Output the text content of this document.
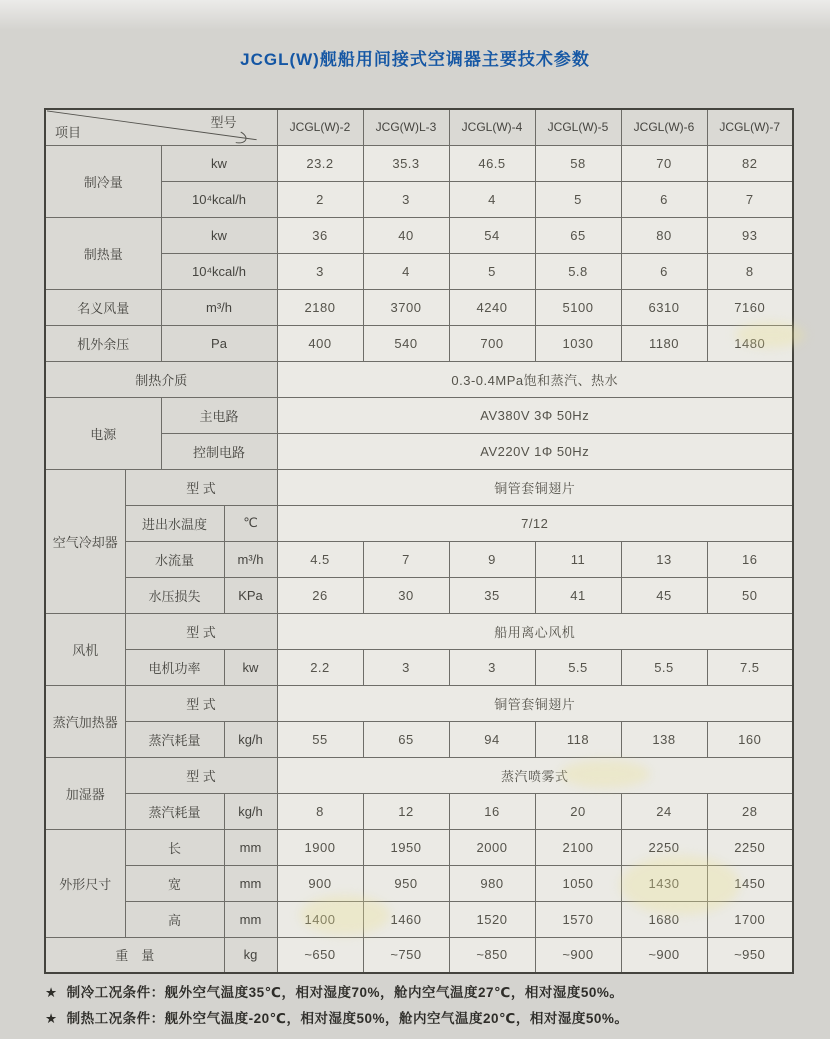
JCGL(W)舰船用间接式空调器主要技术参数
项目
型号				JCGL(W)-2	JCG(W)L-3	JCGL(W)-4	JCGL(W)-5	JCGL(W)-6	JCGL(W)-7
制冷量		kw		23.2	35.3	46.5	58	70	82
		10⁴kcal/h		2	3	4	5	6	7
制热量		kw		36	40	54	65	80	93
		10⁴kcal/h		3	4	5	5.8	6	8
名义风量		m³/h		2180	3700	4240	5100	6310	7160
机外余压		Pa		400	540	700	1030	1180	1480
制热介质				0.3-0.4MPa饱和蒸汽、热水					
电源		主电路		AV380V 3Φ 50Hz					
		控制电路		AV220V 1Φ 50Hz					
空气冷却器	型 式			铜管套铜翅片					
	进出水温度		℃	7/12					
	水流量		m³/h	4.5	7	9	11	13	16
	水压损失		KPa	26	30	35	41	45	50
风机	型 式			船用离心风机					
	电机功率		kw	2.2	3	3	5.5	5.5	7.5
蒸汽加热器	型 式			铜管套铜翅片					
	蒸汽耗量		kg/h	55	65	94	118	138	160
加湿器	型 式			蒸汽喷雾式					
	蒸汽耗量		kg/h	8	12	16	20	24	28
外形尺寸	长		mm	1900	1950	2000	2100	2250	2250
	宽		mm	900	950	980	1050	1430	1450
	高		mm	1400	1460	1520	1570	1680	1700
重　量			kg	~650	~750	~850	~900	~900	~950
★ 制冷工况条件：舰外空气温度35℃，相对湿度70%，舱内空气温度27℃，相对湿度50%。
★ 制热工况条件：舰外空气温度-20℃，相对湿度50%，舱内空气温度20℃，相对湿度50%。
